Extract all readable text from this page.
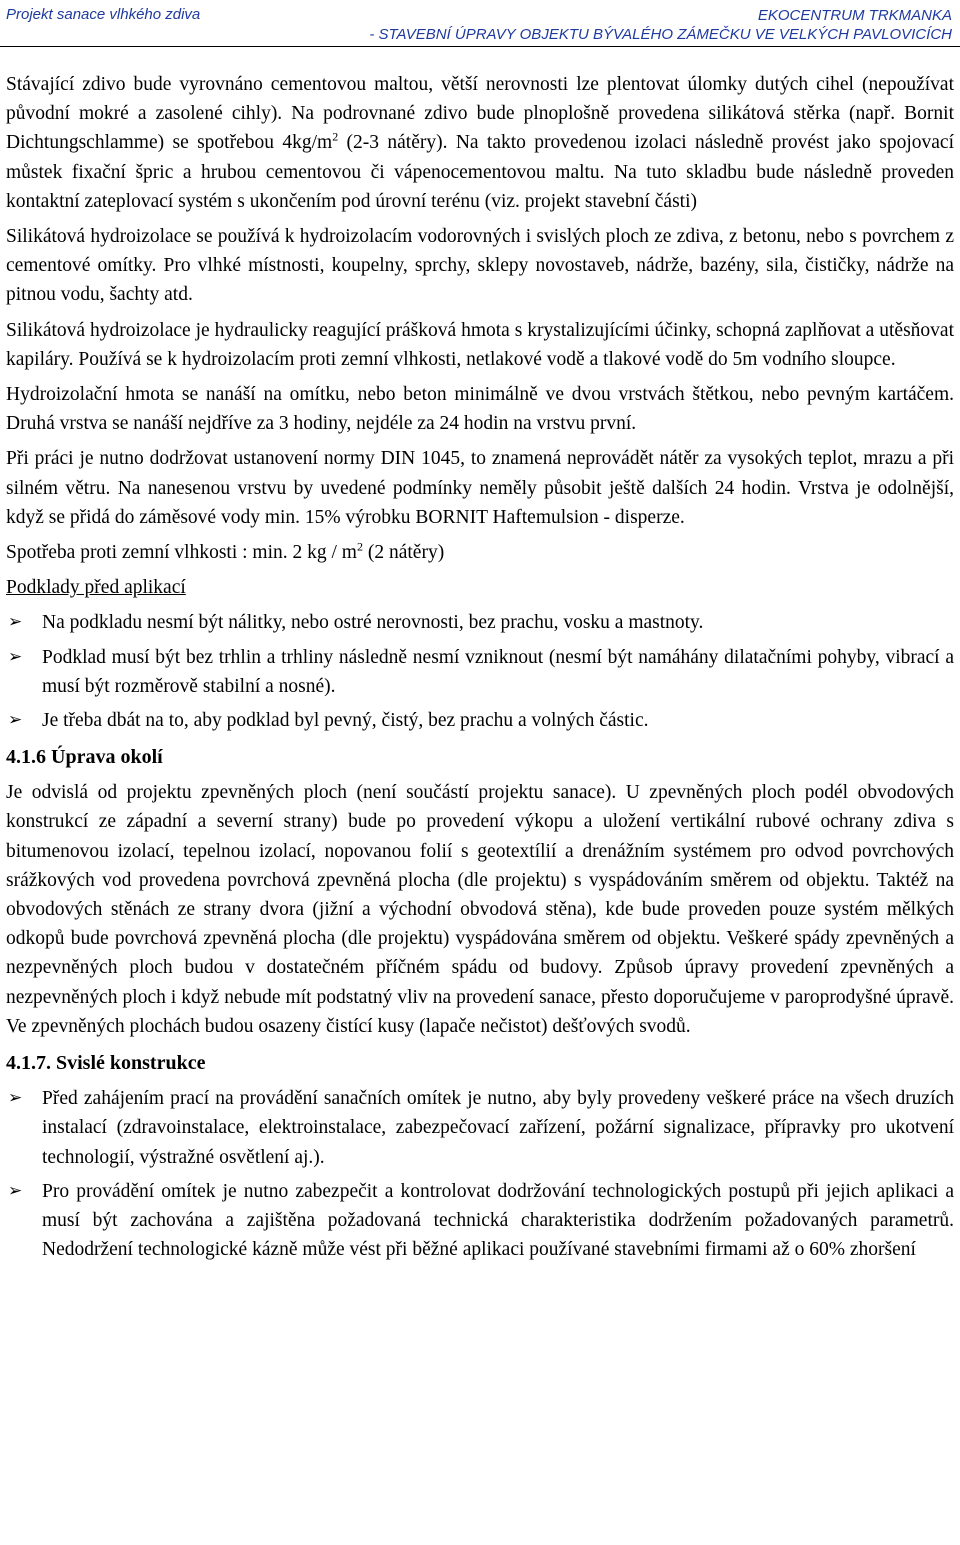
Projekt sanace vlhkého zdiva	EKOCENTRUM TRKMANKA
- STAVEBNÍ ÚPRAVY OBJEKTU BÝVALÉHO ZÁMEČKU VE VELKÝCH PAVLOVICÍCH

Stávající zdivo bude vyrovnáno cementovou maltou, větší nerovnosti lze plentovat úlomky dutých cihel (nepoužívat původní mokré a zasolené cihly). Na podrovnané zdivo bude plnoplošně provedena silikátová stěrka (např. Bornit Dichtungschlamme) se spotřebou $4kg/m^2$ (2-3 nátěry). Na takto provedenou izolaci následně provést jako spojovací můstek fixační špric a hrubou cementovou či vápenocementovou maltu. Na tuto skladbu bude následně proveden kontaktní zateplovací systém s ukončením pod úrovní terénu (viz. projekt stavební části)

Silikátová hydroizolace se používá k hydroizolacím vodorovných i svislých ploch ze zdiva, z betonu, nebo s povrchem z cementové omítky. Pro vlhké místnosti, koupelny, sprchy, sklepy novostaveb, nádrže, bazény, sila, čističky, nádrže na pitnou vodu, šachty atd.

Silikátová hydroizolace je hydraulicky reagující prášková hmota s krystalizujícími účinky, schopná zaplňovat a utěsňovat kapiláry. Používá se k hydroizolacím proti zemní vlhkosti, netlakové vodě a tlakové vodě do 5m vodního sloupce.

Hydroizolační hmota se nanáší na omítku, nebo beton minimálně ve dvou vrstvách štětkou, nebo pevným kartáčem. Druhá vrstva se nanáší nejdříve za 3 hodiny, nejdéle za 24 hodin na vrstvu první.

Při práci je nutno dodržovat ustanovení normy DIN 1045, to znamená neprovádět nátěr za vysokých teplot, mrazu a při silném větru. Na nanesenou vrstvu by uvedené podmínky neměly působit ještě dalších 24 hodin. Vrstva je odolnější, když se přidá do záměsové vody min. 15% výrobku BORNIT Haftemulsion - disperze.

Spotřeba proti zemní vlhkosti : min. 2 kg / $m^2$ (2 nátěry)

Podklady před aplikací

➢ Na podkladu nesmí být nálitky, nebo ostré nerovnosti, bez prachu, vosku a mastnoty.
➢ Podklad musí být bez trhlin a trhliny následně nesmí vzniknout (nesmí být namáhány dilatačními pohyby, vibrací a musí být rozměrově stabilní a nosné).
➢ Je třeba dbát na to, aby podklad byl pevný, čistý, bez prachu a volných částic.
4.1.6 Úprava okolí

Je odvislá od projektu zpevněných ploch (není součástí projektu sanace). U zpevněných ploch podél obvodových konstrukcí ze západní a severní strany) bude po provedení výkopu a uložení vertikální rubové ochrany zdiva s bitumenovou izolací, tepelnou izolací, nopovanou folií s geotextílií a drenážním systémem pro odvod povrchových srážkových vod provedena povrchová zpevněná plocha (dle projektu) s vyspádováním směrem od objektu. Taktéž na obvodových stěnách ze strany dvora (jižní a východní obvodová stěna), kde bude proveden pouze systém mělkých odkopů bude povrchová zpevněná plocha (dle projektu) vyspádována směrem od objektu. Veškeré spády zpevněných a nezpevněných ploch budou v dostatečném příčném spádu od budovy. Způsob úpravy provedení zpevněných a nezpevněných ploch i když nebude mít podstatný vliv na provedení sanace, přesto doporučujeme v paroprodyšné úpravě. Ve zpevněných plochách budou osazeny čistící kusy (lapače nečistot) dešťových svodů.

4.1.7. Svislé konstrukce
➢ Před zahájením prací na provádění sanačních omítek je nutno, aby byly provedeny veškeré práce na všech druzích instalací (zdravoinstalace, elektroinstalace, zabezpečovací zařízení, požární signalizace, přípravky pro ukotvení technologií, výstražné osvětlení aj.).
➢ Pro provádění omítek je nutno zabezpečit a kontrolovat dodržování technologických postupů při jejich aplikaci a musí být zachována a zajištěna požadovaná technická charakteristika dodržením požadovaných parametrů. Nedodržení technologické kázně může vést při běžné aplikaci používané stavebními firmami až o 60% zhoršení
